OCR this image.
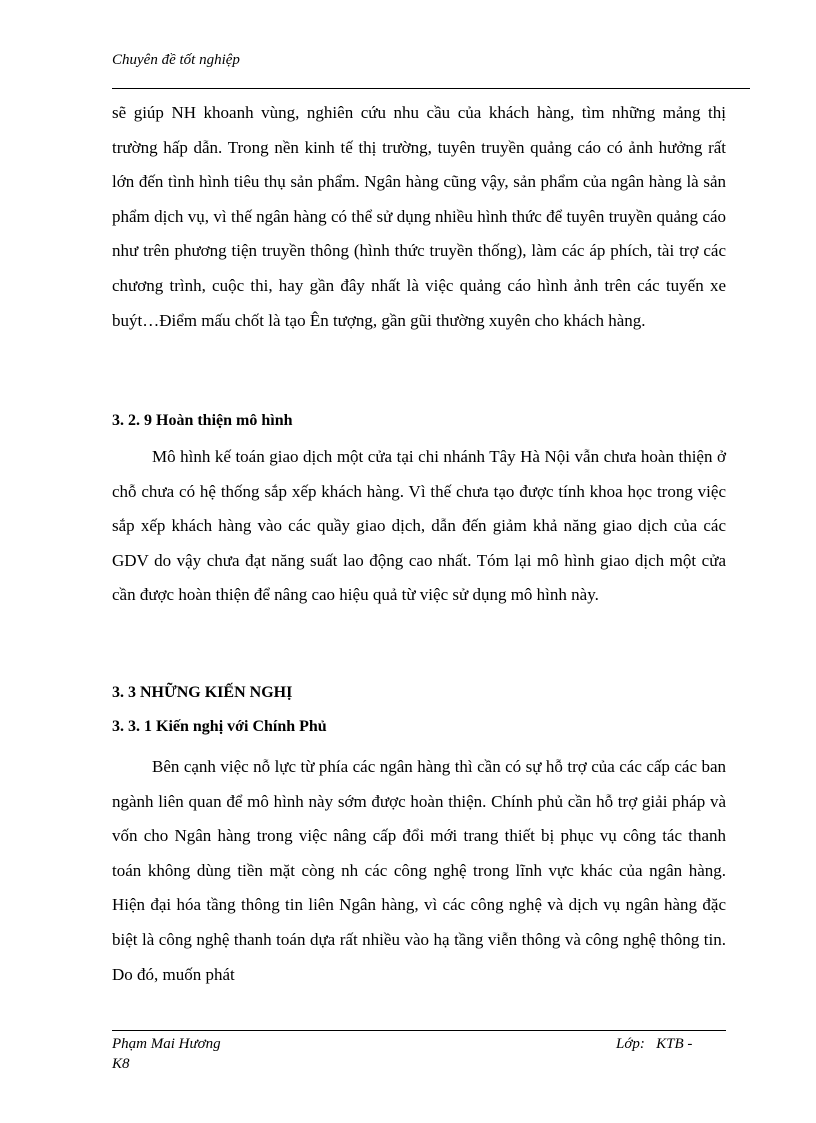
Chuyên đề tốt nghiệp

sẽ giúp NH khoanh vùng, nghiên cứu nhu cầu của khách hàng, tìm những mảng thị trường hấp dẫn. Trong nền kinh tế thị trường, tuyên truyền quảng cáo có ảnh hưởng rất lớn đến tình hình tiêu thụ sản phẩm. Ngân hàng cũng vậy, sản phẩm của ngân hàng là sản phẩm dịch vụ, vì thế ngân hàng có thể sử dụng nhiều hình thức để tuyên truyền quảng cáo như trên phương tiện truyền thông (hình thức truyền thống), làm các áp phích, tài trợ các chương trình, cuộc thi, hay gần đây nhất là việc quảng cáo hình ảnh trên các tuyến xe buýt…Điểm mấu chốt là tạo Ên tượng, gần gũi thường xuyên cho khách hàng.

3. 2. 9 Hoàn thiện mô hình

Mô hình kế toán giao dịch một cửa tại chi nhánh Tây Hà Nội vẫn chưa hoàn thiện ở chỗ chưa có hệ thống sắp xếp khách hàng. Vì thế chưa tạo được tính khoa học trong việc sắp xếp khách hàng vào các quầy giao dịch, dẫn đến giảm khả năng giao dịch của các GDV do vậy chưa đạt năng suất lao động cao nhất. Tóm lại mô hình giao dịch một cửa cần được hoàn thiện để nâng cao hiệu quả từ việc sử dụng mô hình này.

3. 3 NHỮNG KIẾN NGHỊ
3. 3. 1 Kiến nghị với Chính Phủ

Bên cạnh việc nỗ lực từ phía các ngân hàng thì cần có sự hỗ trợ của các cấp các ban ngành liên quan để mô hình này sớm được hoàn thiện. Chính phủ cần hỗ trợ giải pháp và vốn cho Ngân hàng trong việc nâng cấp đổi mới trang thiết bị phục vụ công tác thanh toán không dùng tiền mặt còng nh các công nghệ trong lĩnh vực khác của ngân hàng. Hiện đại hóa tầng thông tin liên Ngân hàng, vì các công nghệ và dịch vụ ngân hàng đặc biệt là công nghệ thanh toán dựa rất nhiều vào hạ tầng viễn thông và công nghệ thông tin. Do đó, muốn phát

Phạm Mai Hương
K8
Lớp: KTB -
